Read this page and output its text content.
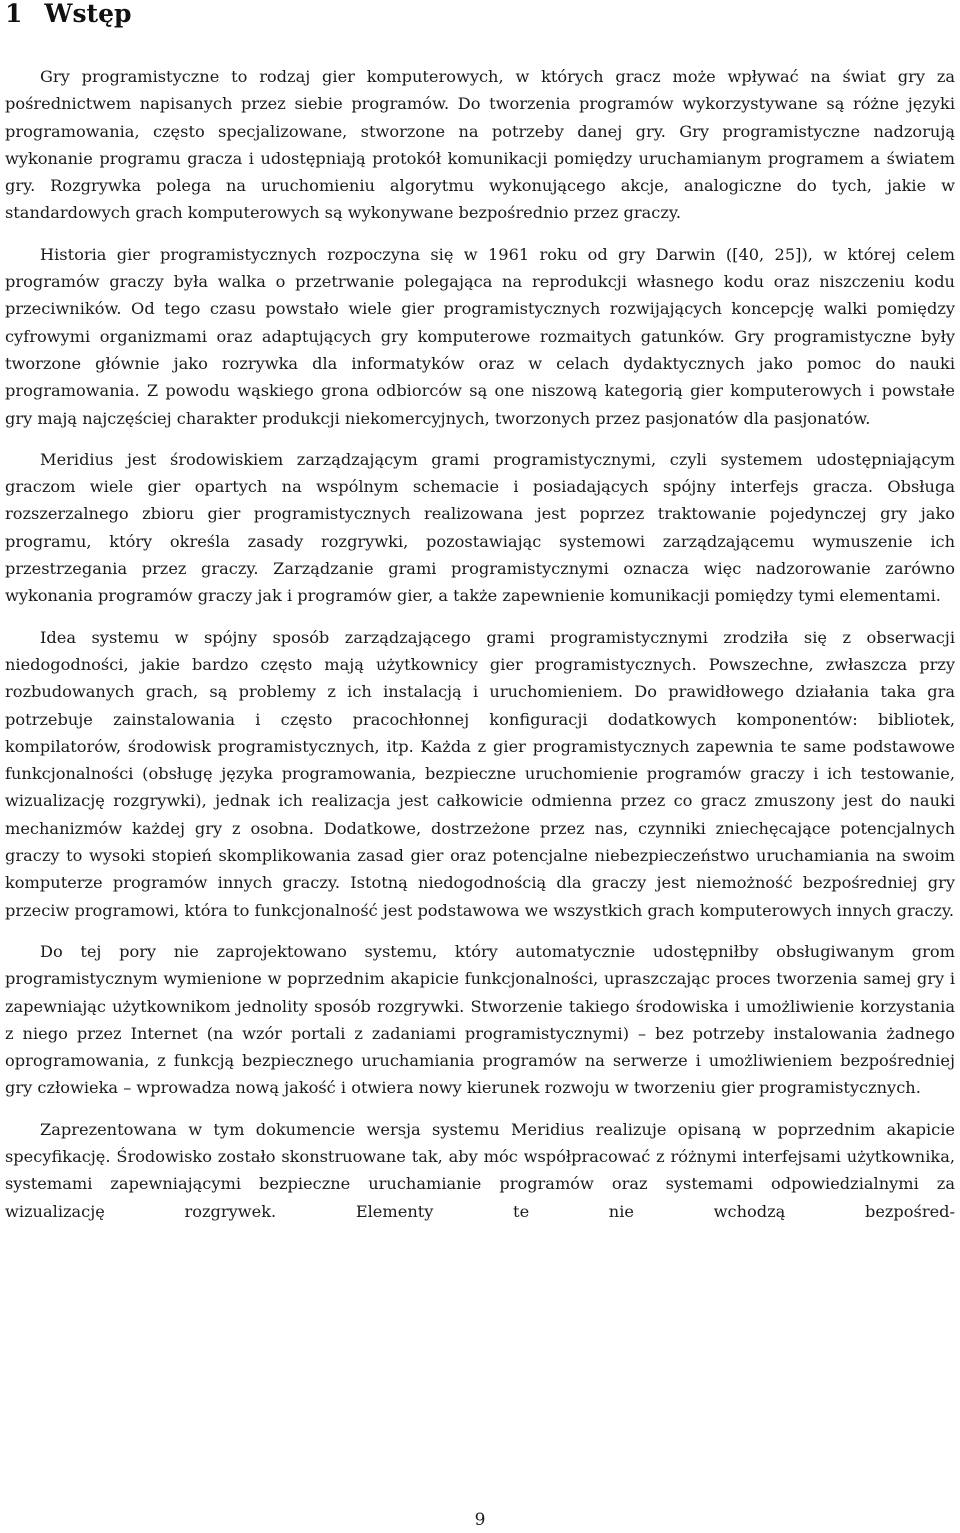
1 Wstęp

Gry programistyczne to rodzaj gier komputerowych, w których gracz może wpływać na świat gry za pośrednictwem napisanych przez siebie programów. Do tworzenia programów wykorzystywane są różne języki programowania, często specjalizowane, stworzone na potrzeby danej gry. Gry programistyczne nadzorują wykonanie programu gracza i udostępniają protokół komunikacji pomiędzy uruchamianym programem a światem gry. Rozgrywka polega na uruchomieniu algorytmu wykonującego akcje, analogiczne do tych, jakie w standardowych grach komputerowych są wykonywane bezpośrednio przez graczy.

Historia gier programistycznych rozpoczyna się w 1961 roku od gry Darwin ([40, 25]), w której celem programów graczy była walka o przetrwanie polegająca na reprodukcji własnego kodu oraz niszczeniu kodu przeciwników. Od tego czasu powstało wiele gier programistycznych rozwijających koncepcję walki pomiędzy cyfrowymi organizmami oraz adaptujących gry komputerowe rozmaitych gatunków. Gry programistyczne były tworzone głównie jako rozrywka dla informatyków oraz w celach dydaktycznych jako pomoc do nauki programowania. Z powodu wąskiego grona odbiorców są one niszową kategorią gier komputerowych i powstałe gry mają najczęściej charakter produkcji niekomercyjnych, tworzonych przez pasjonatów dla pasjonatów.

Meridius jest środowiskiem zarządzającym grami programistycznymi, czyli systemem udostępniającym graczom wiele gier opartych na wspólnym schemacie i posiadających spójny interfejs gracza. Obsługa rozszerzalnego zbioru gier programistycznych realizowana jest poprzez traktowanie pojedynczej gry jako programu, który określa zasady rozgrywki, pozostawiając systemowi zarządzającemu wymuszenie ich przestrzegania przez graczy. Zarządzanie grami programistycznymi oznacza więc nadzorowanie zarówno wykonania programów graczy jak i programów gier, a także zapewnienie komunikacji pomiędzy tymi elementami.

Idea systemu w spójny sposób zarządzającego grami programistycznymi zrodziła się z obserwacji niedogodności, jakie bardzo często mają użytkownicy gier programistycznych. Powszechne, zwłaszcza przy rozbudowanych grach, są problemy z ich instalacją i uruchomieniem. Do prawidłowego działania taka gra potrzebuje zainstalowania i często pracochłonnej konfiguracji dodatkowych komponentów: bibliotek, kompilatorów, środowisk programistycznych, itp. Każda z gier programistycznych zapewnia te same podstawowe funkcjonalności (obsługę języka programowania, bezpieczne uruchomienie programów graczy i ich testowanie, wizualizację rozgrywki), jednak ich realizacja jest całkowicie odmienna przez co gracz zmuszony jest do nauki mechanizmów każdej gry z osobna. Dodatkowe, dostrzeżone przez nas, czynniki zniechęcające potencjalnych graczy to wysoki stopień skomplikowania zasad gier oraz potencjalne niebezpieczeństwo uruchamiania na swoim komputerze programów innych graczy. Istotną niedogodnością dla graczy jest niemożność bezpośredniej gry przeciw programowi, która to funkcjonalność jest podstawowa we wszystkich grach komputerowych innych graczy.

Do tej pory nie zaprojektowano systemu, który automatycznie udostępniłby obsługiwanym grom programistycznym wymienione w poprzednim akapicie funkcjonalności, upraszczając proces tworzenia samej gry i zapewniając użytkownikom jednolity sposób rozgrywki. Stworzenie takiego środowiska i umożliwienie korzystania z niego przez Internet (na wzór portali z zadaniami programistycznymi) – bez potrzeby instalowania żadnego oprogramowania, z funkcją bezpiecznego uruchamiania programów na serwerze i umożliwieniem bezpośredniej gry człowieka – wprowadza nową jakość i otwiera nowy kierunek rozwoju w tworzeniu gier programistycznych.

Zaprezentowana w tym dokumencie wersja systemu Meridius realizuje opisaną w poprzednim akapicie specyfikację. Środowisko zostało skonstruowane tak, aby móc współpracować z różnymi interfejsami użytkownika, systemami zapewniającymi bezpieczne uruchamianie programów oraz systemami odpowiedzialnymi za wizualizację rozgrywek. Elementy te nie wchodzą bezpośred-

9
